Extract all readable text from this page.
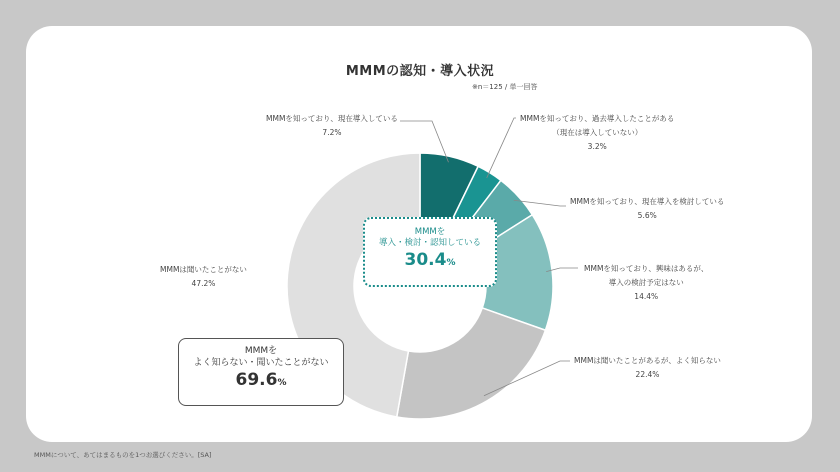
MMMの認知・導入状況
※n＝125 / 単一回答
MMMを知っており、現在導入している
7.2%
MMMを知っており、過去導入したことがある
（現在は導入していない）
3.2%
MMMを知っており、現在導入を検討している
5.6%
MMMを知っており、興味はあるが、
導入の検討予定はない
14.4%
MMMは聞いたことがあるが、よく知らない
22.4%
MMMは聞いたことがない
47.2%
MMMを
導入・検討・認知している
30.4%
MMMを
よく知らない・聞いたことがない
69.6%
MMMについて、あてはまるものを1つお選びください。[SA]
